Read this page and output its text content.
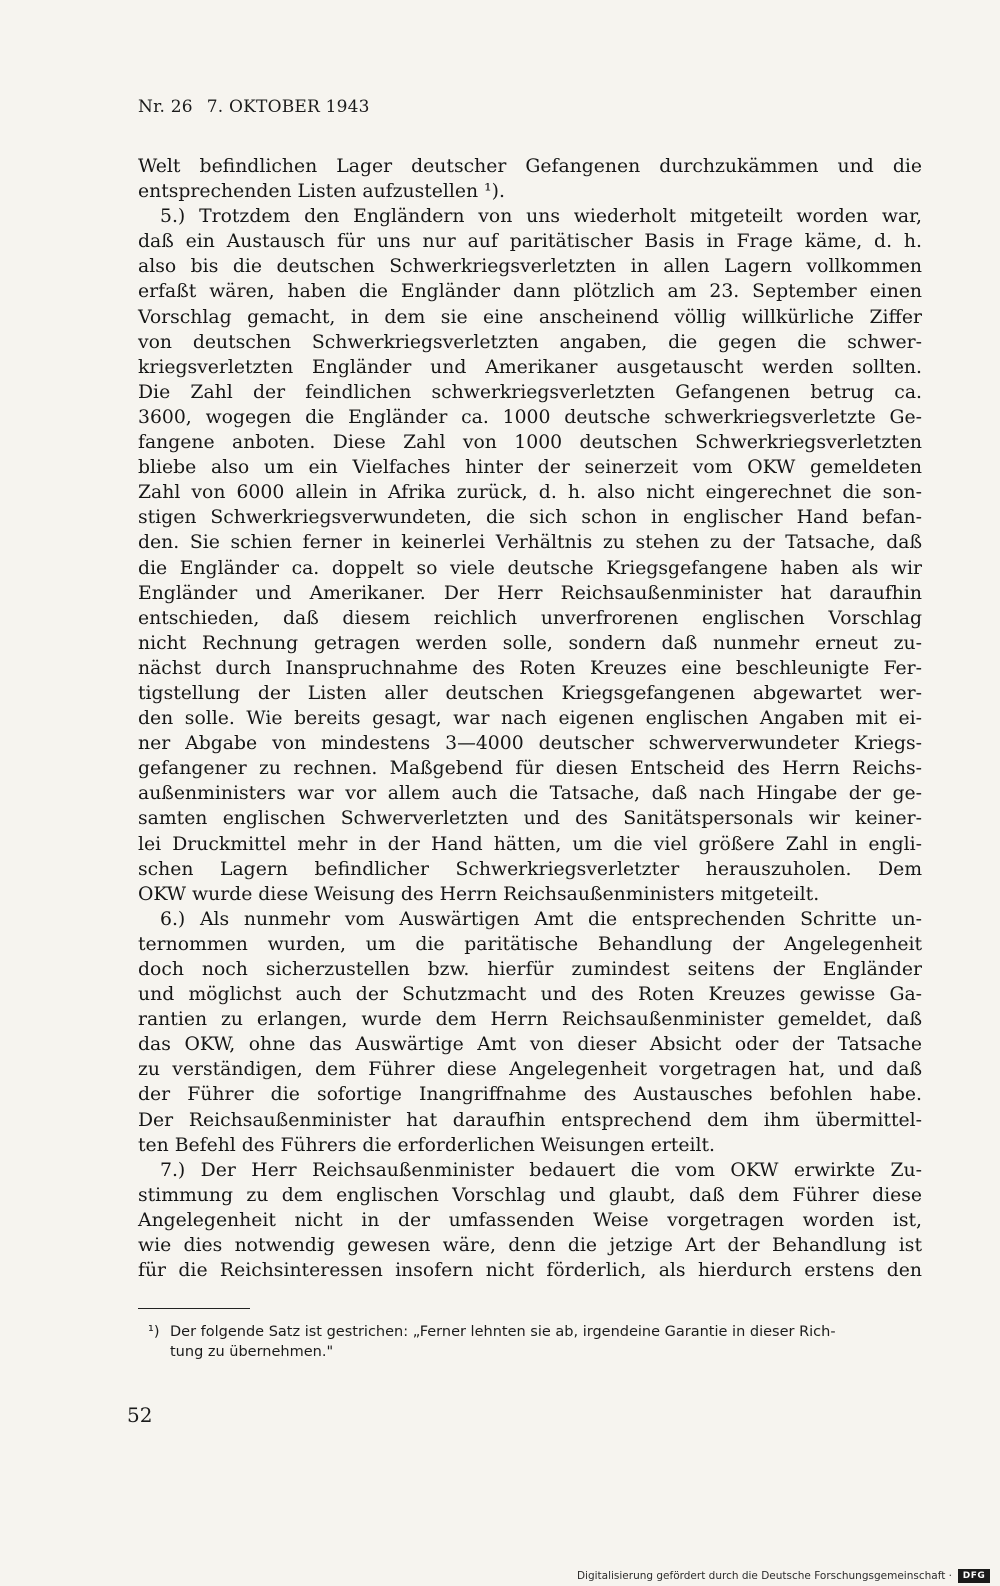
Nr. 26 7. OKTOBER 1943
Welt befindlichen Lager deutscher Gefangenen durchzukämmen und die
entsprechenden Listen aufzustellen ¹).
5.) Trotzdem den Engländern von uns wiederholt mitgeteilt worden war,
daß ein Austausch für uns nur auf paritätischer Basis in Frage käme, d. h.
also bis die deutschen Schwerkriegsverletzten in allen Lagern vollkommen
erfaßt wären, haben die Engländer dann plötzlich am 23. September einen
Vorschlag gemacht, in dem sie eine anscheinend völlig willkürliche Ziffer
von deutschen Schwerkriegsverletzten angaben, die gegen die schwer-
kriegsverletzten Engländer und Amerikaner ausgetauscht werden sollten.
Die Zahl der feindlichen schwerkriegsverletzten Gefangenen betrug ca.
3600, wogegen die Engländer ca. 1000 deutsche schwerkriegsverletzte Ge-
fangene anboten. Diese Zahl von 1000 deutschen Schwerkriegsverletzten
bliebe also um ein Vielfaches hinter der seinerzeit vom OKW gemeldeten
Zahl von 6000 allein in Afrika zurück, d. h. also nicht eingerechnet die son-
stigen Schwerkriegsverwundeten, die sich schon in englischer Hand befan-
den. Sie schien ferner in keinerlei Verhältnis zu stehen zu der Tatsache, daß
die Engländer ca. doppelt so viele deutsche Kriegsgefangene haben als wir
Engländer und Amerikaner. Der Herr Reichsaußenminister hat daraufhin
entschieden, daß diesem reichlich unverfrorenen englischen Vorschlag
nicht Rechnung getragen werden solle, sondern daß nunmehr erneut zu-
nächst durch Inanspruchnahme des Roten Kreuzes eine beschleunigte Fer-
tigstellung der Listen aller deutschen Kriegsgefangenen abgewartet wer-
den solle. Wie bereits gesagt, war nach eigenen englischen Angaben mit ei-
ner Abgabe von mindestens 3—4000 deutscher schwerverwundeter Kriegs-
gefangener zu rechnen. Maßgebend für diesen Entscheid des Herrn Reichs-
außenministers war vor allem auch die Tatsache, daß nach Hingabe der ge-
samten englischen Schwerverletzten und des Sanitätspersonals wir keiner-
lei Druckmittel mehr in der Hand hätten, um die viel größere Zahl in engli-
schen Lagern befindlicher Schwerkriegsverletzter herauszuholen. Dem
OKW wurde diese Weisung des Herrn Reichsaußenministers mitgeteilt.
6.) Als nunmehr vom Auswärtigen Amt die entsprechenden Schritte un-
ternommen wurden, um die paritätische Behandlung der Angelegenheit
doch noch sicherzustellen bzw. hierfür zumindest seitens der Engländer
und möglichst auch der Schutzmacht und des Roten Kreuzes gewisse Ga-
rantien zu erlangen, wurde dem Herrn Reichsaußenminister gemeldet, daß
das OKW, ohne das Auswärtige Amt von dieser Absicht oder der Tatsache
zu verständigen, dem Führer diese Angelegenheit vorgetragen hat, und daß
der Führer die sofortige Inangriffnahme des Austausches befohlen habe.
Der Reichsaußenminister hat daraufhin entsprechend dem ihm übermittel-
ten Befehl des Führers die erforderlichen Weisungen erteilt.
7.) Der Herr Reichsaußenminister bedauert die vom OKW erwirkte Zu-
stimmung zu dem englischen Vorschlag und glaubt, daß dem Führer diese
Angelegenheit nicht in der umfassenden Weise vorgetragen worden ist,
wie dies notwendig gewesen wäre, denn die jetzige Art der Behandlung ist
für die Reichsinteressen insofern nicht förderlich, als hierdurch erstens den
¹) Der folgende Satz ist gestrichen: „Ferner lehnten sie ab, irgendeine Garantie in dieser Rich-
tung zu übernehmen."
52
Digitalisierung gefördert durch die Deutsche Forschungsgemeinschaft ·	DFG
